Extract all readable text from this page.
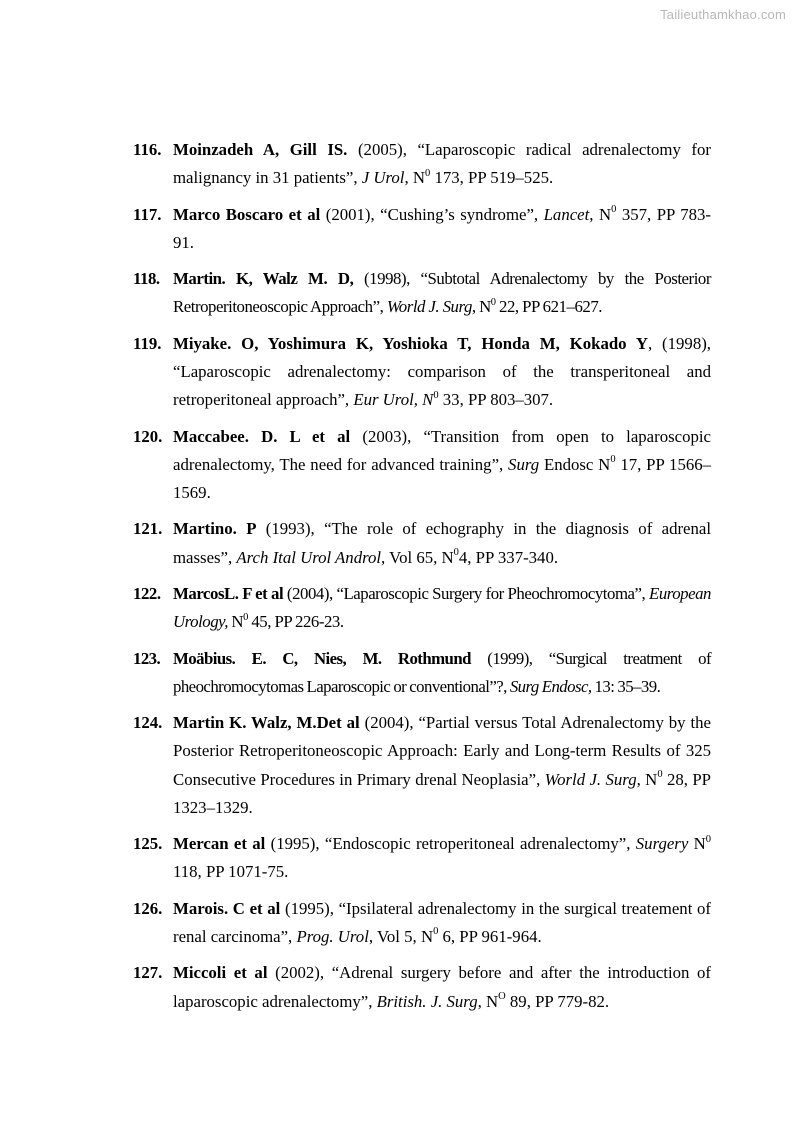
Tailieuthamkhao.com
116. Moinzadeh A, Gill IS. (2005), “Laparoscopic radical adrenalectomy for malignancy in 31 patients”, J Urol, $N^0$ 173, PP 519–525.
117. Marco Boscaro et al (2001), “Cushing’s syndrome”, Lancet, $N^0$ 357, PP 783-91.
118. Martin. K, Walz M. D, (1998), “Subtotal Adrenalectomy by the Posterior Retroperitoneoscopic Approach”, World J. Surg, $N^0$ 22, PP 621–627.
119. Miyake. O, Yoshimura K, Yoshioka T, Honda M, Kokado Y, (1998), “Laparoscopic adrenalectomy: comparison of the transperitoneal and retroperitoneal approach”, Eur Urol, $N^0$ 33, PP 803–307.
120. Maccabee. D. L et al (2003), “Transition from open to laparoscopic adrenalectomy, The need for advanced training”, Surg Endosc $N^0$ 17, PP 1566–1569.
121. Martino. P (1993), “The role of echography in the diagnosis of adrenal masses”, Arch Ital Urol Androl, Vol 65, $N^04$, PP 337-340.
122. MarcosL. F et al (2004), “Laparoscopic Surgery for Pheochromocytoma”, European Urology, $N^0$ 45, PP 226-23.
123. Moäbius. E. C, Nies, M. Rothmund (1999), “Surgical treatment of pheochromocytomas Laparoscopic or conventional”?, Surg Endosc, 13: 35–39.
124. Martin K. Walz, M.Det al (2004), “Partial versus Total Adrenalectomy by the Posterior Retroperitoneoscopic Approach: Early and Long-term Results of 325 Consecutive Procedures in Primary drenal Neoplasia”, World J. Surg, $N^0$ 28, PP 1323–1329.
125. Mercan et al (1995), “Endoscopic retroperitoneal adrenalectomy”, Surgery $N^0$ 118, PP 1071-75.
126. Marois. C et al (1995), “Ipsilateral adrenalectomy in the surgical treatement of renal carcinoma”, Prog. Urol, Vol 5, $N^0$ 6, PP 961-964.
127. Miccoli et al (2002), “Adrenal surgery before and after the introduction of laparoscopic adrenalectomy”, British. J. Surg, $N^O$ 89, PP 779-82.
